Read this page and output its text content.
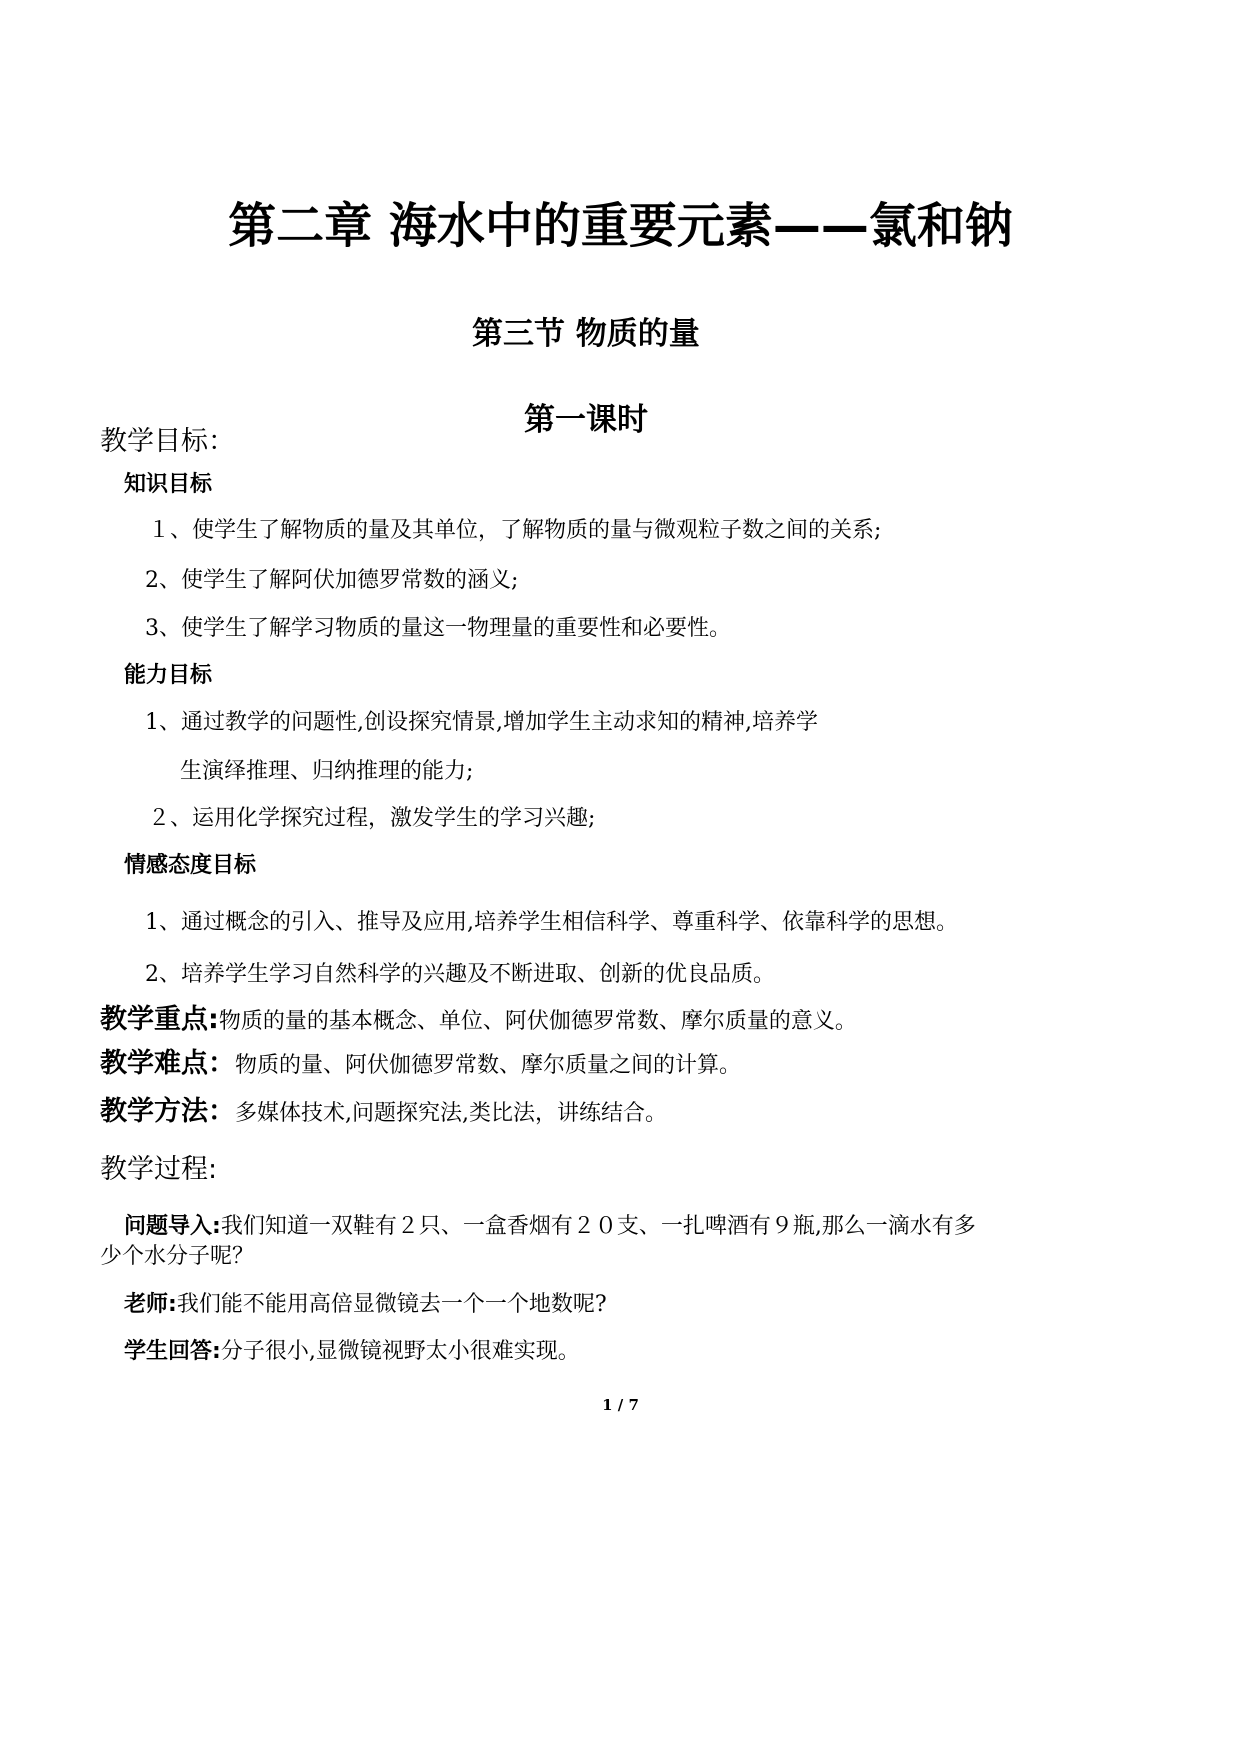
第二章 海水中的重要元素——氯和钠
第三节 物质的量
第一课时
教学目标：
知识目标
１、使学生了解物质的量及其单位，了解物质的量与微观粒子数之间的关系;
2、使学生了解阿伏加德罗常数的涵义;
3、使学生了解学习物质的量这一物理量的重要性和必要性。
能力目标
1、通过教学的问题性,创设探究情景,增加学生主动求知的精神,培养学
生演绎推理、归纳推理的能力;
２、运用化学探究过程，激发学生的学习兴趣;
情感态度目标
1、通过概念的引入、推导及应用,培养学生相信科学、尊重科学、依靠科学的思想。
2、培养学生学习自然科学的兴趣及不断进取、创新的优良品质。
教学重点:物质的量的基本概念、单位、阿伏伽德罗常数、摩尔质量的意义。
教学难点：物质的量、阿伏伽德罗常数、摩尔质量之间的计算。
教学方法：多媒体技术,问题探究法,类比法，讲练结合。
教学过程:
问题导入:我们知道一双鞋有２只、一盒香烟有２０支、一扎啤酒有９瓶,那么一滴水有多
少个水分子呢？
老师:我们能不能用高倍显微镜去一个一个地数呢?
学生回答:分子很小,显微镜视野太小很难实现。
1 / 7
